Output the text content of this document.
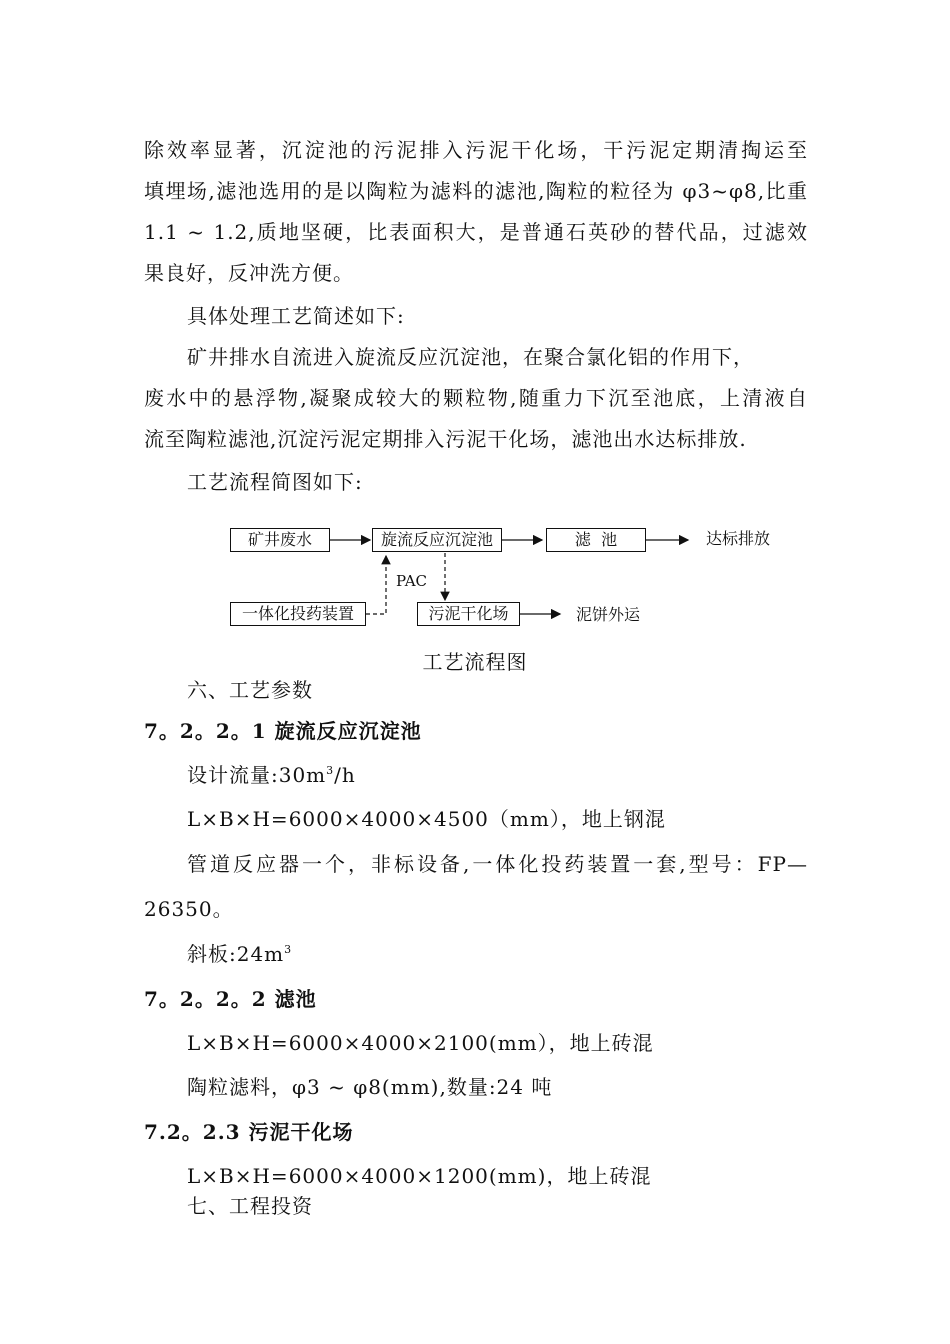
除效率显著，沉淀池的污泥排入污泥干化场，干污泥定期清掏运至
填埋场,滤池选用的是以陶粒为滤料的滤池,陶粒的粒径为 φ3~φ8,比重
1.1 ~ 1.2,质地坚硬，比表面积大，是普通石英砂的替代品，过滤效
果良好，反冲洗方便。
具体处理工艺简述如下:
矿井排水自流进入旋流反应沉淀池，在聚合氯化铝的作用下，
废水中的悬浮物,凝聚成较大的颗粒物,随重力下沉至池底，上清液自
流至陶粒滤池,沉淀污泥定期排入污泥干化场，滤池出水达标排放.
工艺流程简图如下:
矿井废水	旋流反应沉淀池	滤  池	达标排放
PAC
一体化投药装置	污泥干化场	泥饼外运
工艺流程图
六、工艺参数
7。2。2。1 旋流反应沉淀池
设计流量$:30m^3/h$
L×B×H=6000×4000×4500（mm），地上钢混
管道反应器一个，非标设备,一体化投药装置一套,型号：FP—
26350。
斜板$:24m^3$
7。2。2。2 滤池
L×B×H=6000×4000×2100(mm），地上砖混
陶粒滤料，φ3 ~ φ8(mm),数量:24 吨
7.2。2.3 污泥干化场
L×B×H=6000×4000×1200(mm)，地上砖混
七、工程投资
